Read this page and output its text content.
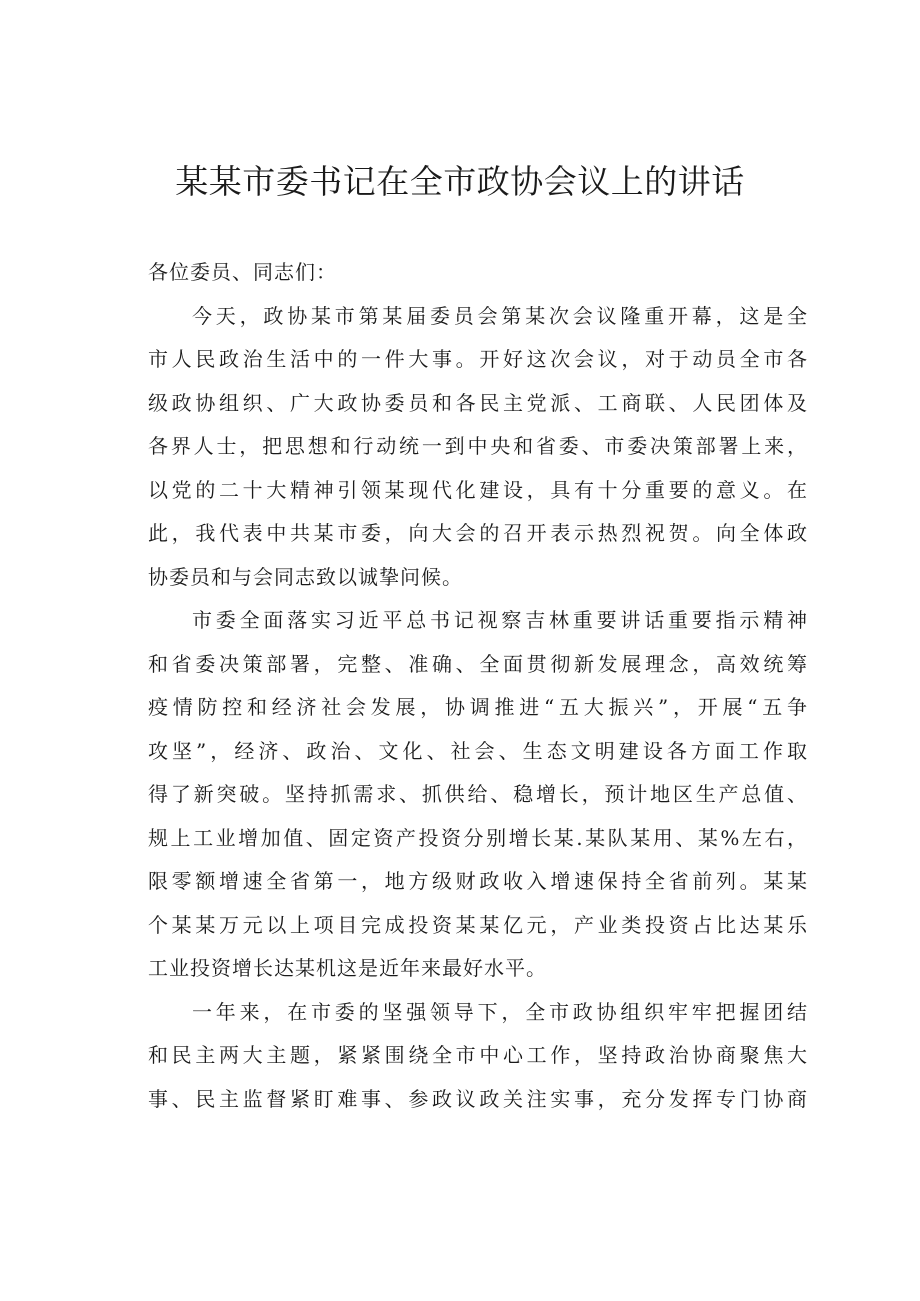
某某市委书记在全市政协会议上的讲话

各位委员、同志们：

今天，政协某市第某届委员会第某次会议隆重开幕，这是全
市人民政治生活中的一件大事。开好这次会议，对于动员全市各
级政协组织、广大政协委员和各民主党派、工商联、人民团体及
各界人士，把思想和行动统一到中央和省委、市委决策部署上来，
以党的二十大精神引领某现代化建设，具有十分重要的意义。在
此，我代表中共某市委，向大会的召开表示热烈祝贺。向全体政
协委员和与会同志致以诚挚问候。

市委全面落实习近平总书记视察吉林重要讲话重要指示精神
和省委决策部署，完整、准确、全面贯彻新发展理念，高效统筹
疫情防控和经济社会发展，协调推进“五大振兴”，开展“五争
攻坚”，经济、政治、文化、社会、生态文明建设各方面工作取
得了新突破。坚持抓需求、抓供给、稳增长，预计地区生产总值、
规上工业增加值、固定资产投资分别增长某.某队某用、某%左右，
限零额增速全省第一，地方级财政收入增速保持全省前列。某某
个某某万元以上项目完成投资某某亿元，产业类投资占比达某乐
工业投资增长达某机这是近年来最好水平。

一年来，在市委的坚强领导下，全市政协组织牢牢把握团结
和民主两大主题，紧紧围绕全市中心工作，坚持政治协商聚焦大
事、民主监督紧盯难事、参政议政关注实事，充分发挥专门协商
